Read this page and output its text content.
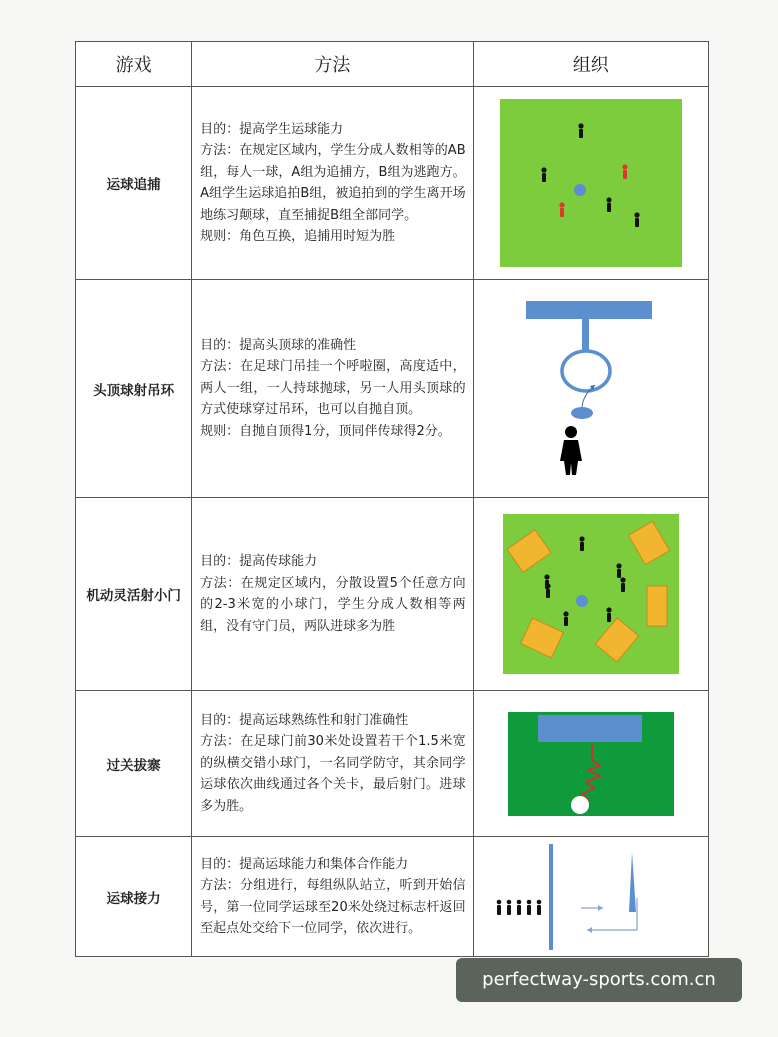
游戏	方法	组织
运球追捕	目的：提高学生运球能力

方法：在规定区域内，学生分成人数相等的AB组，每人一球，A组为追捕方，B组为逃跑方。A组学生运球追拍B组，被追拍到的学生离开场地练习颠球，直至捕捉B组全部同学。

规则：角色互换，追捕用时短为胜

头顶球射吊环	目的：提高头顶球的准确性

方法：在足球门吊挂一个呼啦圈，高度适中，两人一组，一人持球抛球，另一人用头顶球的方式使球穿过吊环，也可以自抛自顶。

规则：自抛自顶得1分，顶同伴传球得2分。

机动灵活射小门	目的：提高传球能力

方法：在规定区域内，分散设置5个任意方向的2-3米宽的小球门，学生分成人数相等两组，没有守门员，两队进球多为胜

过关拔寨	目的：提高运球熟练性和射门准确性

方法：在足球门前30米处设置若干个1.5米宽的纵横交错小球门，一名同学防守，其余同学运球依次曲线通过各个关卡，最后射门。进球多为胜。

运球接力	目的：提高运球能力和集体合作能力

方法：分组进行，每组纵队站立，听到开始信号，第一位同学运球至20米处绕过标志杆返回至起点处交给下一位同学，依次进行。

perfectway-sports.com.cn
